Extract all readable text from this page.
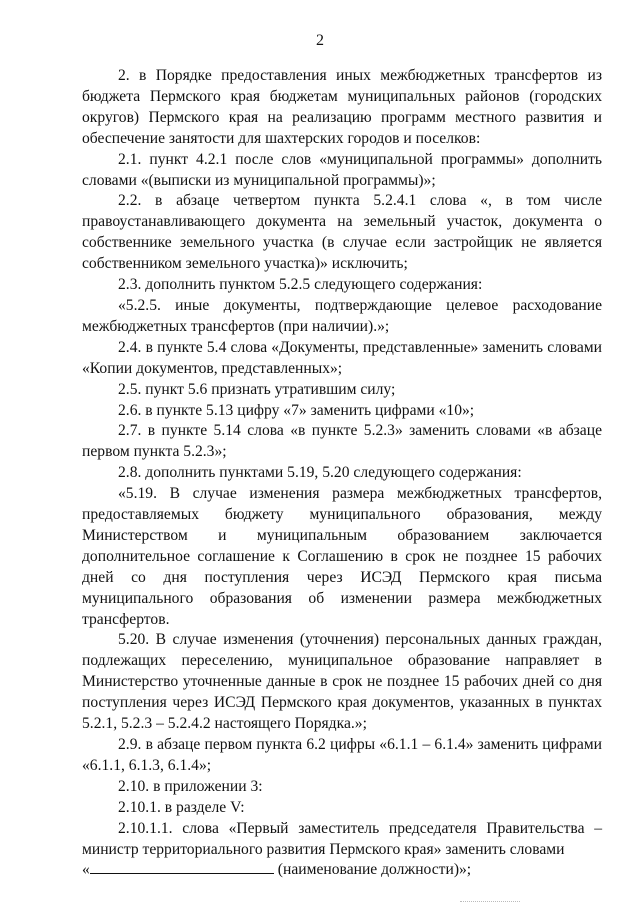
2

2. в Порядке предоставления иных межбюджетных трансфертов из бюджета Пермского края бюджетам муниципальных районов (городских округов) Пермского края на реализацию программ местного развития и обеспечение занятости для шахтерских городов и поселков:

2.1. пункт 4.2.1 после слов «муниципальной программы» дополнить словами «(выписки из муниципальной программы)»;

2.2. в абзаце четвертом пункта 5.2.4.1 слова «, в том числе правоустанавливающего документа на земельный участок, документа о собственнике земельного участка (в случае если застройщик не является собственником земельного участка)» исключить;

2.3. дополнить пунктом 5.2.5 следующего содержания:

«5.2.5. иные документы, подтверждающие целевое расходование межбюджетных трансфертов (при наличии).»;

2.4. в пункте 5.4 слова «Документы, представленные» заменить словами «Копии документов, представленных»;

2.5. пункт 5.6 признать утратившим силу;

2.6. в пункте 5.13 цифру «7» заменить цифрами «10»;

2.7. в пункте 5.14 слова «в пункте 5.2.3» заменить словами «в абзаце первом пункта 5.2.3»;

2.8. дополнить пунктами 5.19, 5.20 следующего содержания:

«5.19. В случае изменения размера межбюджетных трансфертов, предоставляемых бюджету муниципального образования, между Министерством и муниципальным образованием заключается дополнительное соглашение к Соглашению в срок не позднее 15 рабочих дней со дня поступления через ИСЭД Пермского края письма муниципального образования об изменении размера межбюджетных трансфертов.

5.20. В случае изменения (уточнения) персональных данных граждан, подлежащих переселению, муниципальное образование направляет в Министерство уточненные данные в срок не позднее 15 рабочих дней со дня поступления через ИСЭД Пермского края документов, указанных в пунктах 5.2.1, 5.2.3 – 5.2.4.2 настоящего Порядка.»;

2.9. в абзаце первом пункта 6.2 цифры «6.1.1 – 6.1.4» заменить цифрами «6.1.1, 6.1.3, 6.1.4»;

2.10. в приложении 3:

2.10.1. в разделе V:

2.10.1.1. слова «Первый заместитель председателя Правительства – министр территориального развития Пермского края» заменить словами

«	(наименование должности)»;
